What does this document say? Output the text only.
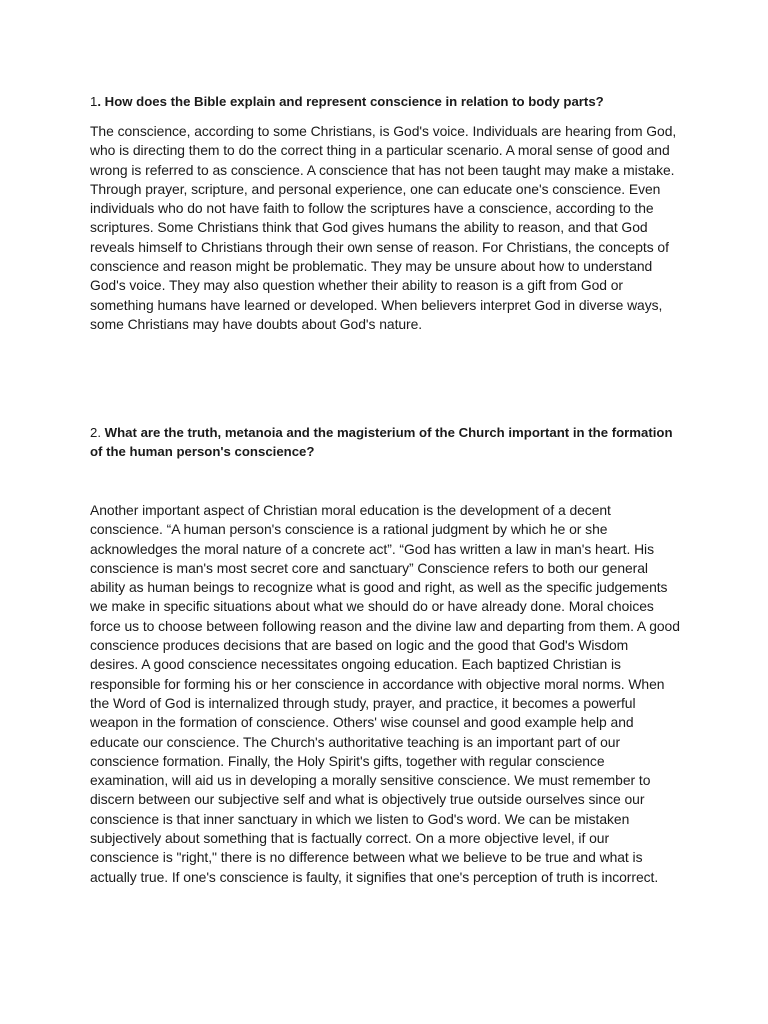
1. How does the Bible explain and represent conscience in relation to body parts?

The conscience, according to some Christians, is God's voice. Individuals are hearing from God, who is directing them to do the correct thing in a particular scenario. A moral sense of good and wrong is referred to as conscience. A conscience that has not been taught may make a mistake. Through prayer, scripture, and personal experience, one can educate one's conscience. Even individuals who do not have faith to follow the scriptures have a conscience, according to the scriptures. Some Christians think that God gives humans the ability to reason, and that God reveals himself to Christians through their own sense of reason. For Christians, the concepts of conscience and reason might be problematic. They may be unsure about how to understand God's voice. They may also question whether their ability to reason is a gift from God or something humans have learned or developed. When believers interpret God in diverse ways, some Christians may have doubts about God's nature.

2. What are the truth, metanoia and the magisterium of the Church important in the formation of the human person's conscience?

Another important aspect of Christian moral education is the development of a decent conscience. “A human person's conscience is a rational judgment by which he or she acknowledges the moral nature of a concrete act”. “God has written a law in man's heart. His conscience is man's most secret core and sanctuary” Conscience refers to both our general ability as human beings to recognize what is good and right, as well as the specific judgements we make in specific situations about what we should do or have already done. Moral choices force us to choose between following reason and the divine law and departing from them. A good conscience produces decisions that are based on logic and the good that God's Wisdom desires. A good conscience necessitates ongoing education. Each baptized Christian is responsible for forming his or her conscience in accordance with objective moral norms. When the Word of God is internalized through study, prayer, and practice, it becomes a powerful weapon in the formation of conscience. Others' wise counsel and good example help and educate our conscience. The Church's authoritative teaching is an important part of our conscience formation. Finally, the Holy Spirit's gifts, together with regular conscience examination, will aid us in developing a morally sensitive conscience. We must remember to discern between our subjective self and what is objectively true outside ourselves since our conscience is that inner sanctuary in which we listen to God's word. We can be mistaken subjectively about something that is factually correct. On a more objective level, if our conscience is "right," there is no difference between what we believe to be true and what is actually true. If one's conscience is faulty, it signifies that one's perception of truth is incorrect.
